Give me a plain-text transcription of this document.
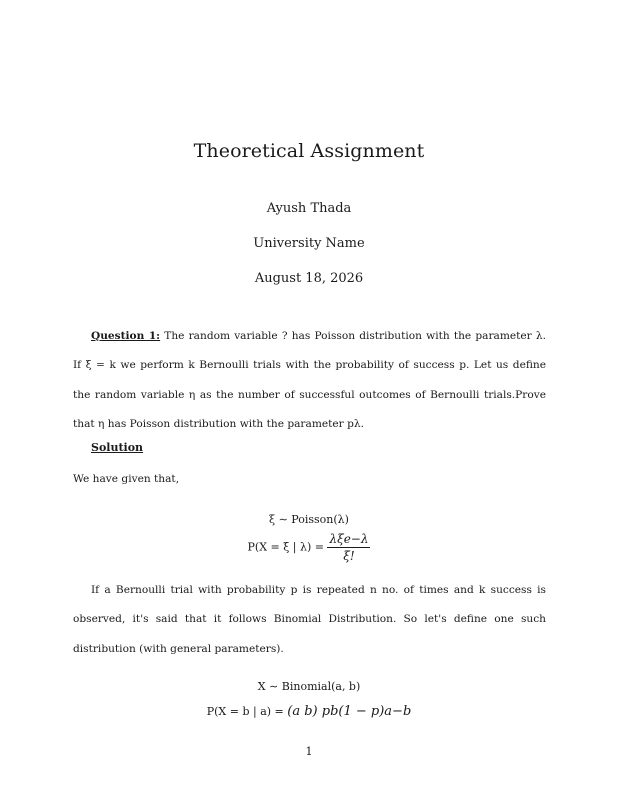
Theoretical Assignment
Ayush Thada
University Name
August 18, 2026
Question 1: The random variable ? has Poisson distribution with the parameter λ. If ξ = k we perform k Bernoulli trials with the probability of success p. Let us define the random variable η as the number of successful outcomes of Bernoulli trials.Prove that η has Poisson distribution with the parameter pλ.
Solution
We have given that,
ξ ∼ Poisson(λ)
P(X = ξ | $\lambda) = \frac{\text{λξe−λ}}{\xi!}$
If a Bernoulli trial with probability p is repeated n no. of times and k success is observed, it's said that it follows Binomial Distribution. So let's define one such distribution (with general parameters).
X ∼ Binomial(a, b)
P(X = b | a) = (a b) pb(1 − p)a−b
1
